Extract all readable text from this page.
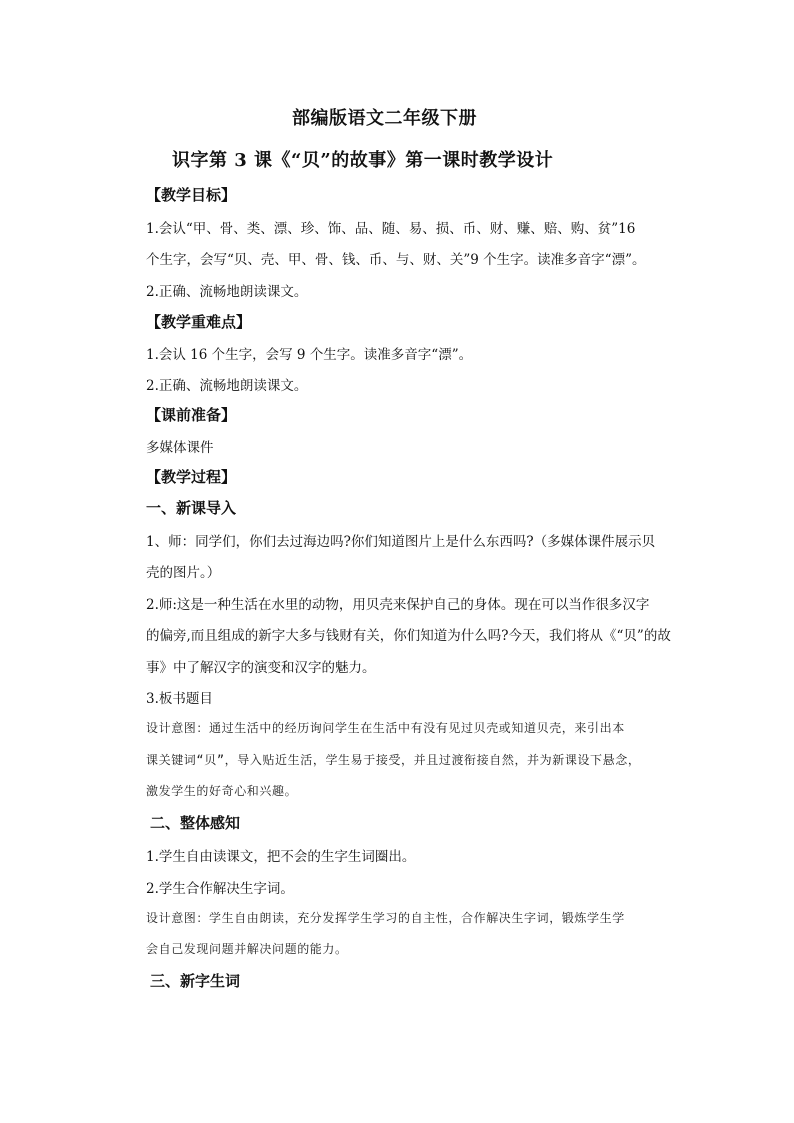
部编版语文二年级下册
识字第 3 课《“贝”的故事》第一课时教学设计
【教学目标】
1.会认“甲、骨、类、漂、珍、饰、品、随、易、损、币、财、赚、赔、购、贫”16
个生字，会写“贝、壳、甲、骨、钱、币、与、财、关”9 个生字。读准多音字“漂”。
2.正确、流畅地朗读课文。
【教学重难点】
1.会认 16 个生字，会写 9 个生字。读准多音字“漂”。
2.正确、流畅地朗读课文。
【课前准备】
多媒体课件
【教学过程】
一、新课导入
1、师：同学们，你们去过海边吗?你们知道图片上是什么东西吗?（多媒体课件展示贝
壳的图片。）
2.师:这是一种生活在水里的动物，用贝壳来保护自己的身体。现在可以当作很多汉字
的偏旁,而且组成的新字大多与钱财有关，你们知道为什么吗?今天，我们将从《“贝”的故
事》中了解汉字的演变和汉字的魅力。
3.板书题目
设计意图：通过生活中的经历询问学生在生活中有没有见过贝壳或知道贝壳，来引出本
课关键词“贝”，导入贴近生活，学生易于接受，并且过渡衔接自然，并为新课设下悬念，
激发学生的好奇心和兴趣。
二、整体感知
1.学生自由读课文，把不会的生字生词圈出。
2.学生合作解决生字词。
设计意图：学生自由朗读，充分发挥学生学习的自主性，合作解决生字词，锻炼学生学
会自己发现问题并解决问题的能力。
三、新字生词
